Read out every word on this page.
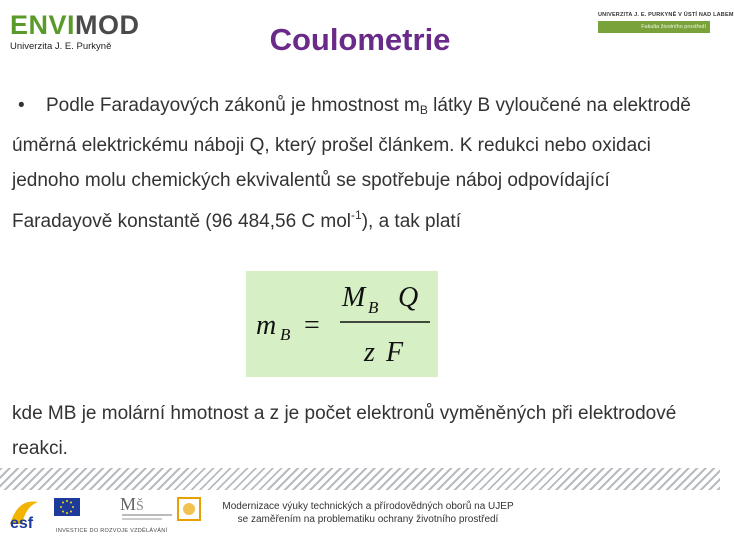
ENVIMOD
Univerzita J. E. Purkyně	Coulometrie
UNIVERZITA J. E. PURKYNĚ V ÚSTÍ NAD LABEM
Fakulta životního prostředí
• Podle Faradayových zákonů je hmostnost $m_B$ látky B vyloučené na elektrodě úměrná elektrickému náboji Q, který prošel článkem. K redukci nebo oxidaci jednoho molu chemických ekvivalentů se spotřebuje náboj odpovídající Faradayově konstantě (96 484,56 C mol$^{-1}$), a tak platí
m B =
M B Q
z F
kde MB je molární hmotnost a z je počet elektronů vyměněných při elektrodové reakci.
esf
M Š
INVESTICE DO ROZVOJE VZDĚLÁVÁNÍ
Modernizace výuky technických a přírodovědných oborů na UJEP se zaměřením na problematiku ochrany životního prostředí
